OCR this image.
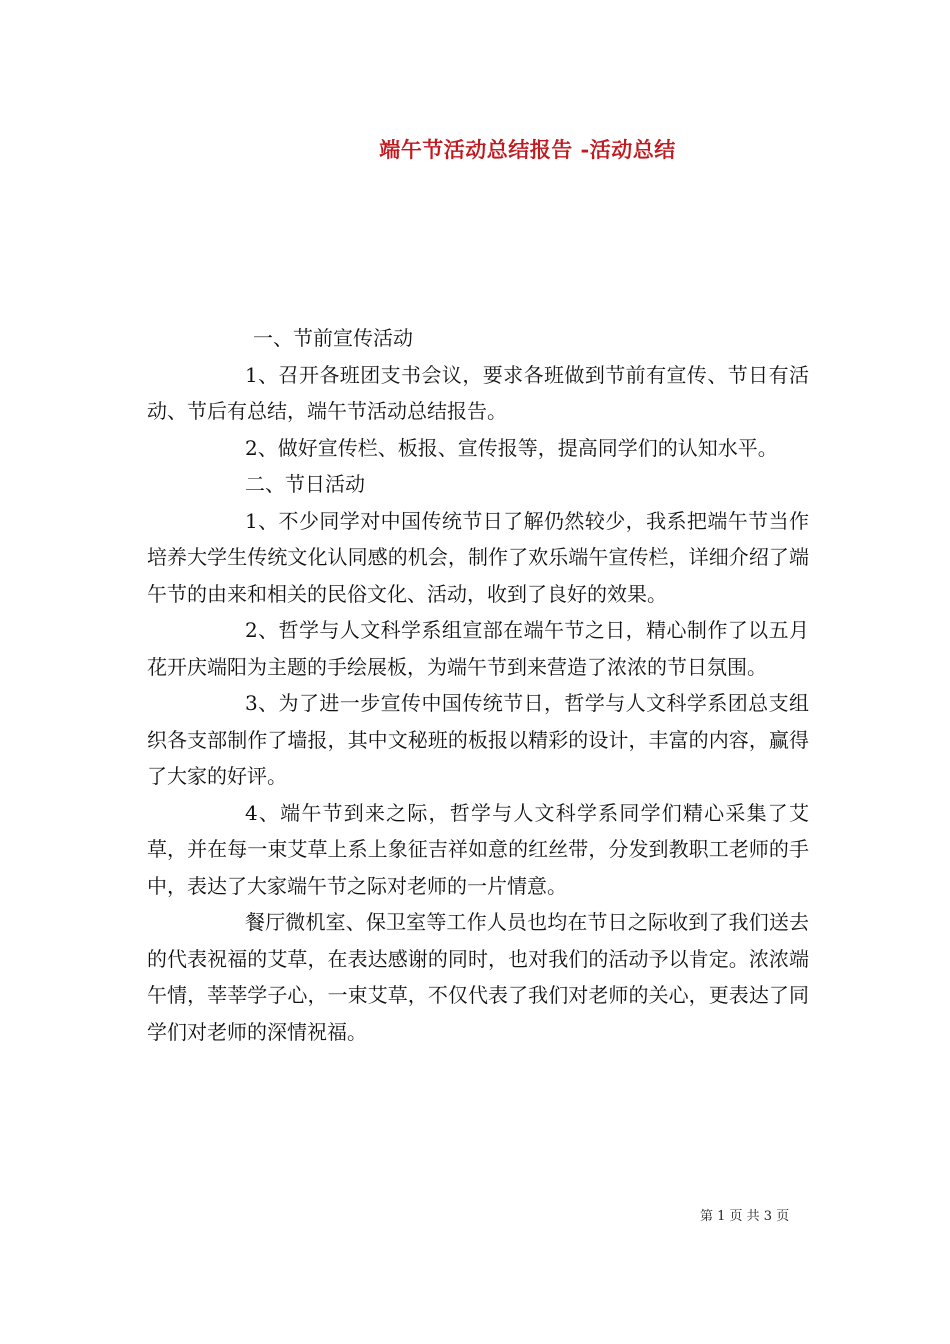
端午节活动总结报告 -活动总结

一、节前宣传活动

1、召开各班团支书会议，要求各班做到节前有宣传、节日有活动、节后有总结，端午节活动总结报告。

2、做好宣传栏、板报、宣传报等，提高同学们的认知水平。

二、节日活动

1、不少同学对中国传统节日了解仍然较少，我系把端午节当作培养大学生传统文化认同感的机会，制作了欢乐端午宣传栏，详细介绍了端午节的由来和相关的民俗文化、活动，收到了良好的效果。

2、哲学与人文科学系组宣部在端午节之日，精心制作了以五月花开庆端阳为主题的手绘展板，为端午节到来营造了浓浓的节日氛围。

3、为了进一步宣传中国传统节日，哲学与人文科学系团总支组织各支部制作了墙报，其中文秘班的板报以精彩的设计，丰富的内容，赢得了大家的好评。

4、端午节到来之际，哲学与人文科学系同学们精心采集了艾草，并在每一束艾草上系上象征吉祥如意的红丝带，分发到教职工老师的手中，表达了大家端午节之际对老师的一片情意。

餐厅微机室、保卫室等工作人员也均在节日之际收到了我们送去的代表祝福的艾草，在表达感谢的同时，也对我们的活动予以肯定。浓浓端午情，莘莘学子心，一束艾草，不仅代表了我们对老师的关心，更表达了同学们对老师的深情祝福。

第 1 页 共 3 页
